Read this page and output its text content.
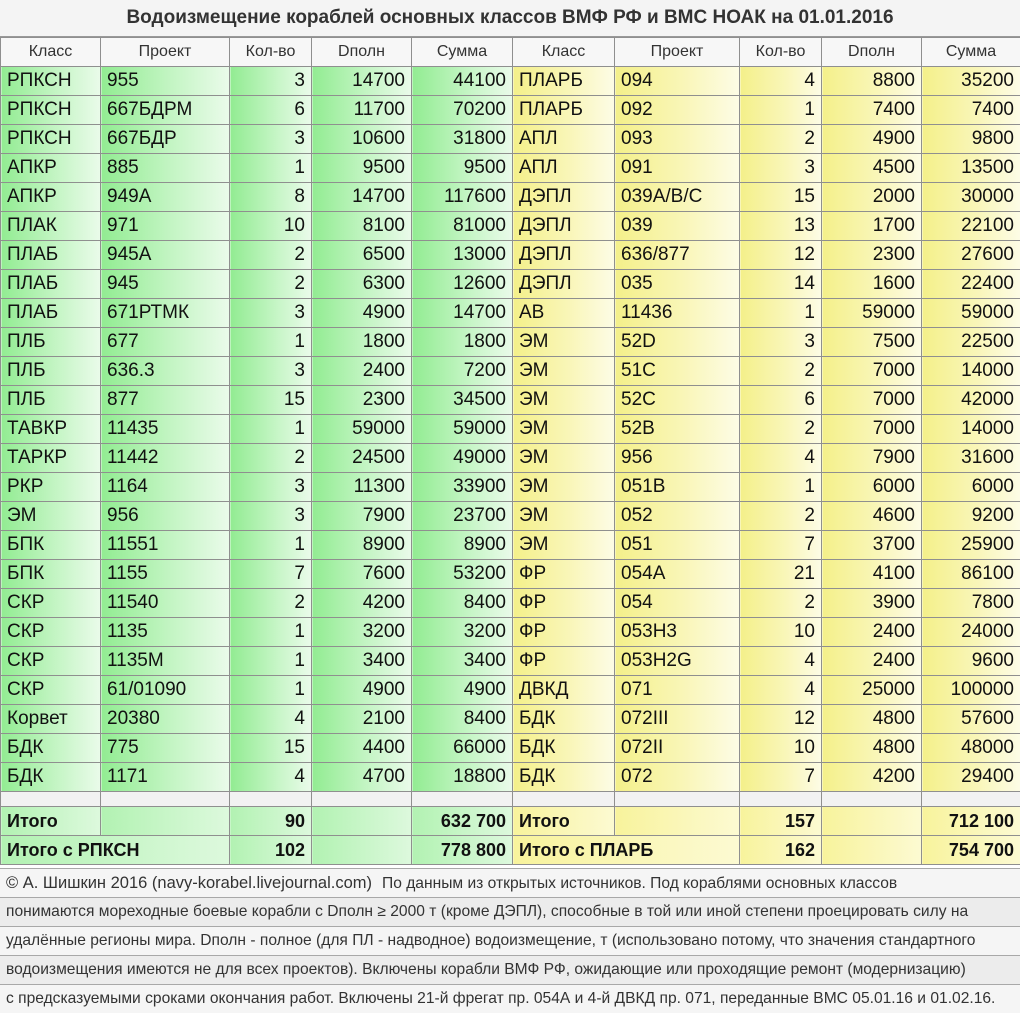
Водоизмещение кораблей основных классов ВМФ РФ и ВМС НОАК на 01.01.2016
Класс	Проект	Кол-во	Dполн	Сумма	Класс	Проект	Кол-во	Dполн	Сумма
РПКСН	955	3	14700	44100	ПЛАРБ	094	4	8800	35200
РПКСН	667БДРМ	6	11700	70200	ПЛАРБ	092	1	7400	7400
РПКСН	667БДР	3	10600	31800	АПЛ	093	2	4900	9800
АПКР	885	1	9500	9500	АПЛ	091	3	4500	13500
АПКР	949А	8	14700	117600	ДЭПЛ	039A/B/C	15	2000	30000
ПЛАК	971	10	8100	81000	ДЭПЛ	039	13	1700	22100
ПЛАБ	945А	2	6500	13000	ДЭПЛ	636/877	12	2300	27600
ПЛАБ	945	2	6300	12600	ДЭПЛ	035	14	1600	22400
ПЛАБ	671РТМК	3	4900	14700	АВ	11436	1	59000	59000
ПЛБ	677	1	1800	1800	ЭМ	52D	3	7500	22500
ПЛБ	636.3	3	2400	7200	ЭМ	51C	2	7000	14000
ПЛБ	877	15	2300	34500	ЭМ	52C	6	7000	42000
ТАВКР	11435	1	59000	59000	ЭМ	52B	2	7000	14000
ТАРКР	11442	2	24500	49000	ЭМ	956	4	7900	31600
РКР	1164	3	11300	33900	ЭМ	051B	1	6000	6000
ЭМ	956	3	7900	23700	ЭМ	052	2	4600	9200
БПК	11551	1	8900	8900	ЭМ	051	7	3700	25900
БПК	1155	7	7600	53200	ФР	054A	21	4100	86100
СКР	11540	2	4200	8400	ФР	054	2	3900	7800
СКР	1135	1	3200	3200	ФР	053H3	10	2400	24000
СКР	1135М	1	3400	3400	ФР	053H2G	4	2400	9600
СКР	61/01090	1	4900	4900	ДВКД	071	4	25000	100000
Корвет	20380	4	2100	8400	БДК	072III	12	4800	57600
БДК	775	15	4400	66000	БДК	072II	10	4800	48000
БДК	1171	4	4700	18800	БДК	072	7	4200	29400

Итого		90		632 700	Итого		157		712 100
Итого с РПКСН		102		778 800	Итого с ПЛАРБ		162		754 700
© А. Шишкин 2016 (navy-korabel.livejournal.com) По данным из открытых источников. Под кораблями основных классов
понимаются мореходные боевые корабли с Dполн ≥ 2000 т (кроме ДЭПЛ), способные в той или иной степени проецировать силу на
удалённые регионы мира. Dполн - полное (для ПЛ - надводное) водоизмещение, т (использовано потому, что значения стандартного
водоизмещения имеются не для всех проектов). Включены корабли ВМФ РФ, ожидающие или проходящие ремонт (модернизацию)
с предсказуемыми сроками окончания работ. Включены 21-й фрегат пр. 054А и 4-й ДВКД пр. 071, переданные ВМС 05.01.16 и 01.02.16.
